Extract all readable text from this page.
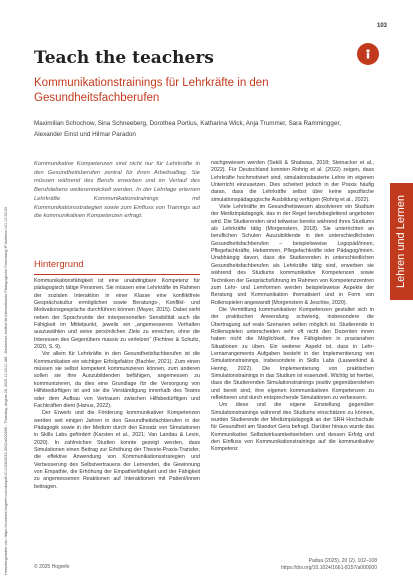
103
Heruntergeladen von: https://econtent.hogrefe.com/doi/pdf/10.1026/0033-3042/a000685 - Thursday, August 28, 2025 11:18:11 AM - Deutsches Institut für Internationale Pädagogische Forschung IP Address:141.12.50.93
Teach the teachers
Kommunikationstrainings für Lehrkräfte in den Gesundheitsfachberufen

Maximilian Schochow, Sina Schneeberg, Dorothea Portius, Katharina Wick, Anja Trummer, Sara Rammingger, Alexander Einst und Hilmar Paradon

Kommunikative Kompetenzen sind nicht nur für Lehrkräfte in den Gesundheitsberufen zentral für ihren Arbeitsalltag. Sie müssen während des Berufs erworben und im Verlauf des Berufslebens weiterentwickelt werden. In der Lehrlage erlernen Lehrkräfte Kommunikationstrainings mit Kommunikationsstrategien sowie zum Einfluss von Trainings auf die kommunikativen Kompetenzen erfragt.

Hintergrund

Kommunikationsfähigkeit ist eine unabdingbare Kompetenz für pädagogisch tätige Personen. Sie müssen eine Lehrkräfte im Rahmen der sozialen Interaktion in einer Klasse eine konfliktfreie Gesprächskultur ermöglichen sowie Beratungs-, Konflikt- und Motivationsgespräche durchführen können (Mayer, 2015). Dabei sieht neben der Sprachrunde der interpersonellen Sensibilität auch die Fähigkeit im Mittelpunkt, jeweils ein „angemessenes Verhalten auszuwählen und seine persönlichen Ziele zu erreichen, ohne die Interessen des Gegenübers massiv zu verletzen“ (Fichtner & Schuitz, 2020, S. 9).

Vor allem für Lehrkräfte in den Gesundheitsfachberufen ist die Kommunikation ein wichtiger Erfolgsfaktor (Bachler, 2021). Zum einen müssen sie selbst kompetent kommunizieren können, zum anderen sollen sie ihre Auszubildenden befähigen, angemessen zu kommunizieren, da dies eine Grundlage für die Versorgung von Hilfsbedürftigen ist und sie die Verständigung innerhalb des Teams oder dem Aufbau von Vertrauen zwischen Hilfsbedürftigen und Fachkräften dient (Hanus, 2022).

Der Erwerb und die Förderung kommunikativer Kompetenzen werden seit einigen Jahren in den Gesundheitsfachberufen in der Pädagogik sowie in der Medizin durch den Einsatz von Simulationen in Skills Labs gefördert (Karsten et al., 2021; Van Landau & Levin, 2020). In zahlreichen Studien konnte gezeigt werden, dass Simulationen einen Beitrag zur Erhöhung der Theorie-Praxis-Transfer, die effektive Anwendung von Kommunikationsstrategien und Verbesserung des Selbstvertrauens der Lernenden, die Gewinnung von Empathie, die Erhöhung der Empathiefähigkeit und der Fähigkeit zu angemessenen Reaktionen auf Interaktionen mit Patient/innen beitragen.

nachgewiesen werden (Sekili & Shabwas, 2018; Steinacker et al., 2022). Für Deutschland konnten Rohrig et al. (2022) zeigen, dass Lehrkräfte hochmotiviert sind, simulationsbasierte Lehre im eigenen Unterricht einzusetzen. Dies scheitert jedoch in der Praxis häufig daran, dass die Lehrkräfte selbst über keine spezifische simulationspädagogische Ausbildung verfügen (Rohrig et al., 2022).

Viele Lehrkräfte im Gesundheitswesen absolvieren ein Studium der Medizinpädagogik, das in der Regel berufsbegleitend angeboten wird. Die Studierenden sind teilweise bereits während ihres Studiums als Lehrkräfte tätig (Morgenstern, 2018). Sie unterrichten an beruflichen Schulen Auszubildende in den unterschiedlichsten Gesundheitsfachberufen – beispielsweise Logopäd/innen, Pflegefachkräfte, Hebammen, Pflegefachkräfte oder Pädagog/innen. Unabhängig davon, dass die Studierenden in unterschiedlichen Gesundheitsfachberufen als Lehrkräfte tätig sind, erwerben sie während des Studiums kommunikative Kompetenzen sowie Techniken der Gesprächsführung im Rahmen von Kompetenzzentren zum Lehr- und Lernformen werden beispielsweise Aspekte der Beratung und Kommunikation thematisiert und in Form von Rollenspielen angewandt (Morgenstern & Jeschke, 2020).

Die Vermittlung kommunikativer Kompetenzen gestaltet sich in der praktischen Anwendung schwierig, insbesondere die Übertragung auf reale Szenarien selten möglich ist. Studierende in Rollenspielen unterscheiden sehr oft nicht den Dozenten innen haben nicht die Möglichkeit, ihre Fähigkeiten in praxisnahen Situationen zu üben. Ein weiterer Aspekt ist, dass in Lehr-Lernarrangements Aufgaben besteht in der Implementierung von Simulationstrainings, insbesondere in Skills Labs (Lauwerkind & Hering, 2022). Die Implementierung von praktischen Simulationstrainings in das Studium ist essenziell. Wichtig ist hierbei, dass die Studierenden Simulationstrainings positiv gegenüberstehen und bereit sind, ihre eigenen kommunikativen Kompetenzen zu reflektieren und durch entsprechende Simulationen zu verbessern.

Um diese und die eigene Einstellung gegenüber Simulationstrainings während des Studiums einschätzen zu können, wurden Studierende der Medizinpädagogik an der SRH Hochschule für Gesundheit am Standort Gera befragt. Darüber hinaus wurde das Kommunikative Selbstwirksamkeitserleben und dessen Erfolg und den Einfluss von Kommunikationstrainings auf die kommunikative Kompetenz

Lehren und Lernen
© 2025 Hogrefe
Padua (2025), 20 (2), 102–108
https://doi.org/10.1024/1661-8157/a000000
